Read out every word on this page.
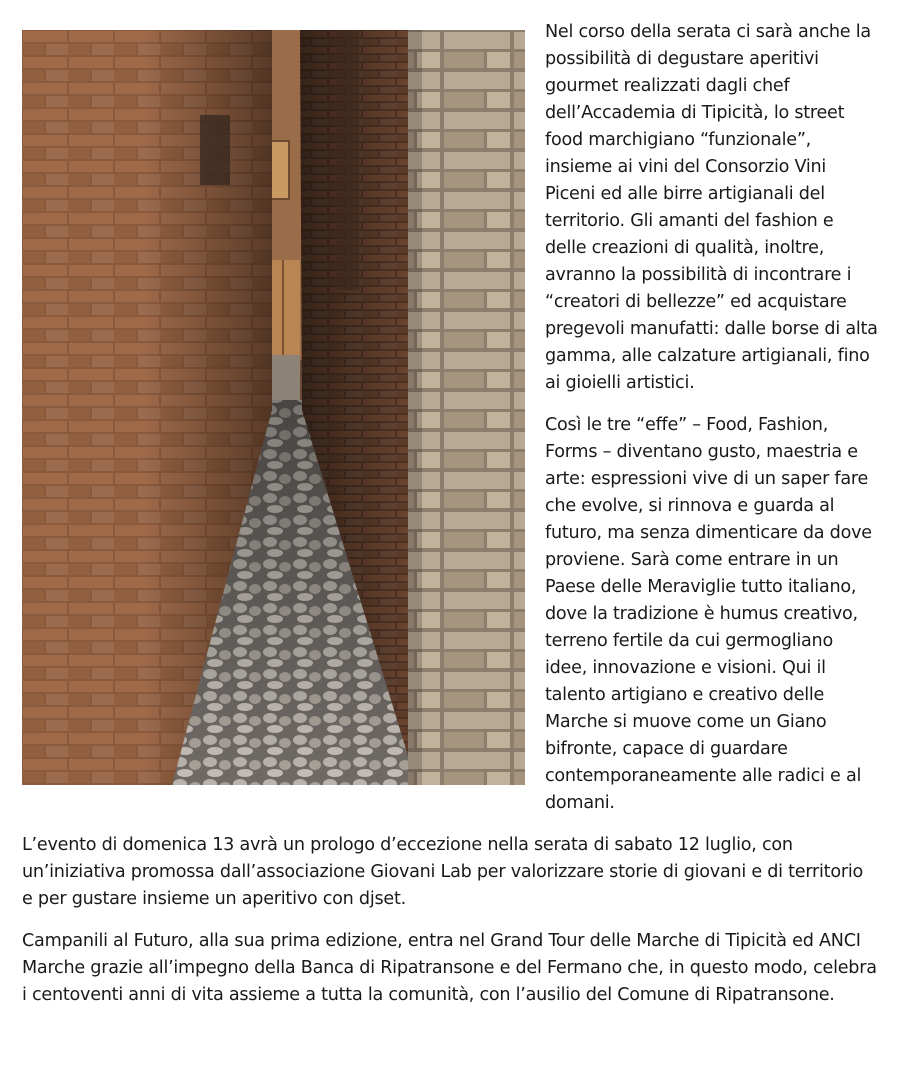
Nel corso della serata ci sarà anche la possibilità di degustare aperitivi gourmet realizzati dagli chef dell’Accademia di Tipicità, lo street food marchigiano “funzionale”, insieme ai vini del Consorzio Vini Piceni ed alle birre artigianali del territorio. Gli amanti del fashion e delle creazioni di qualità, inoltre, avranno la possibilità di incontrare i “creatori di bellezze” ed acquistare pregevoli manufatti: dalle borse di alta gamma, alle calzature artigianali, fino ai gioielli artistici.

Così le tre “effe” – Food, Fashion, Forms – diventano gusto, maestria e arte: espressioni vive di un saper fare che evolve, si rinnova e guarda al futuro, ma senza dimenticare da dove proviene. Sarà come entrare in un Paese delle Meraviglie tutto italiano, dove la tradizione è humus creativo, terreno fertile da cui germogliano idee, innovazione e visioni. Qui il talento artigiano e creativo delle Marche si muove come un Giano bifronte, capace di guardare contemporaneamente alle radici e al domani.

L’evento di domenica 13 avrà un prologo d’eccezione nella serata di sabato 12 luglio, con un’iniziativa promossa dall’associazione Giovani Lab per valorizzare storie di giovani e di territorio e per gustare insieme un aperitivo con djset.

Campanili al Futuro, alla sua prima edizione, entra nel Grand Tour delle Marche di Tipicità ed ANCI Marche grazie all’impegno della Banca di Ripatransone e del Fermano che, in questo modo, celebra i centoventi anni di vita assieme a tutta la comunità, con l’ausilio del Comune di Ripatransone.
